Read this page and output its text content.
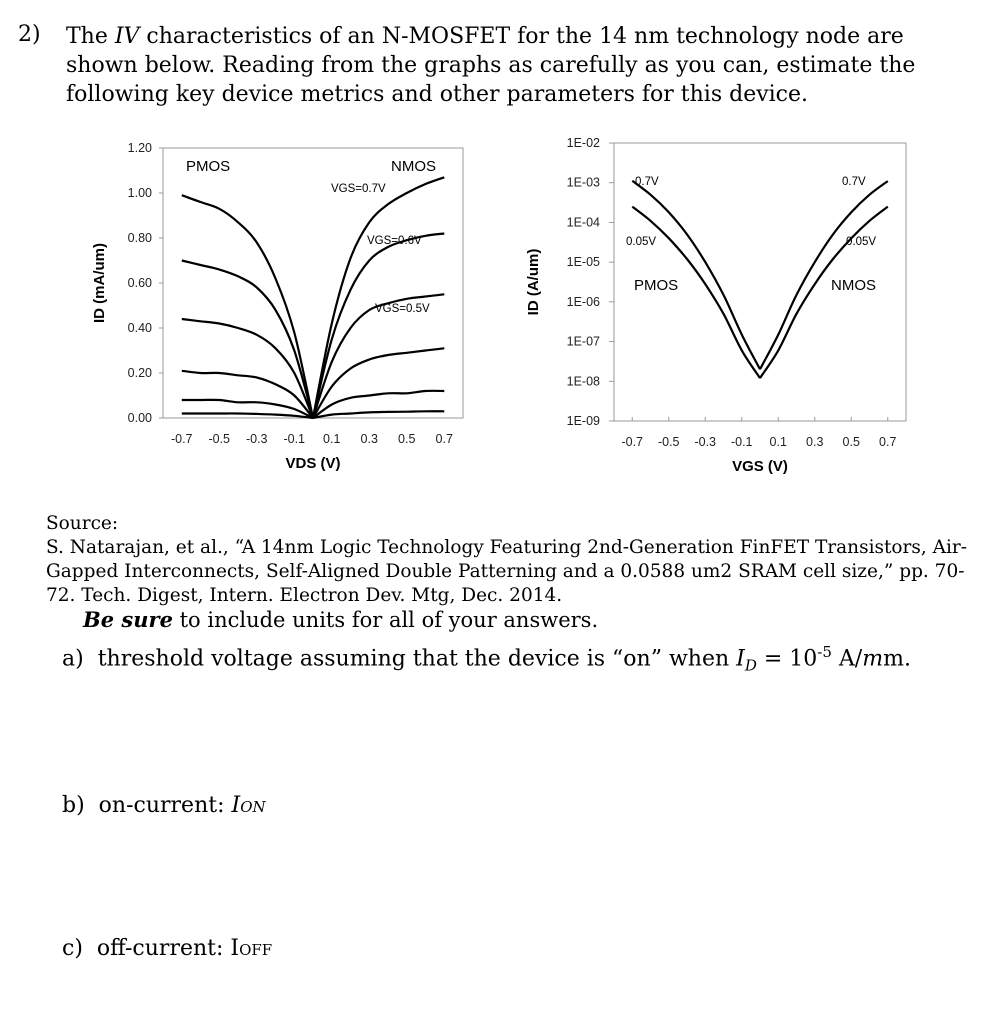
2) The IV characteristics of an N-MOSFET for the 14 nm technology node are shown below. Reading from the graphs as carefully as you can, estimate the following key device metrics and other parameters for this device.
0.00
0.20
0.40
0.60
0.80
1.00
1.20
-0.7 -0.5 -0.3 -0.1 0.1 0.3 0.5 0.7
VDS (V)
ID (mA/um)
PMOS	NMOS
VGS=0.7V
VGS=0.6V
VGS=0.5V
1E-09
1E-08
1E-07
1E-06
1E-05
1E-04
1E-03
1E-02
-0.7 -0.5 -0.3 -0.1 0.1 0.3 0.5 0.7
VGS (V)
ID (A/um)
0.7V
0.05V
0.7V
0.05V
PMOS	NMOS
Source:
S. Natarajan, et al., “A 14nm Logic Technology Featuring 2nd-Generation FinFET Transistors, Air-Gapped Interconnects, Self-Aligned Double Patterning and a 0.0588 um2 SRAM cell size,” pp. 70-72. Tech. Digest, Intern. Electron Dev. Mtg, Dec. 2014.
Be sure to include units for all of your answers.
a) threshold voltage assuming that the device is “on” when $I_D = 10^{-5}$ A/mm.
b) on-current: ION
c) off-current: IOFF
